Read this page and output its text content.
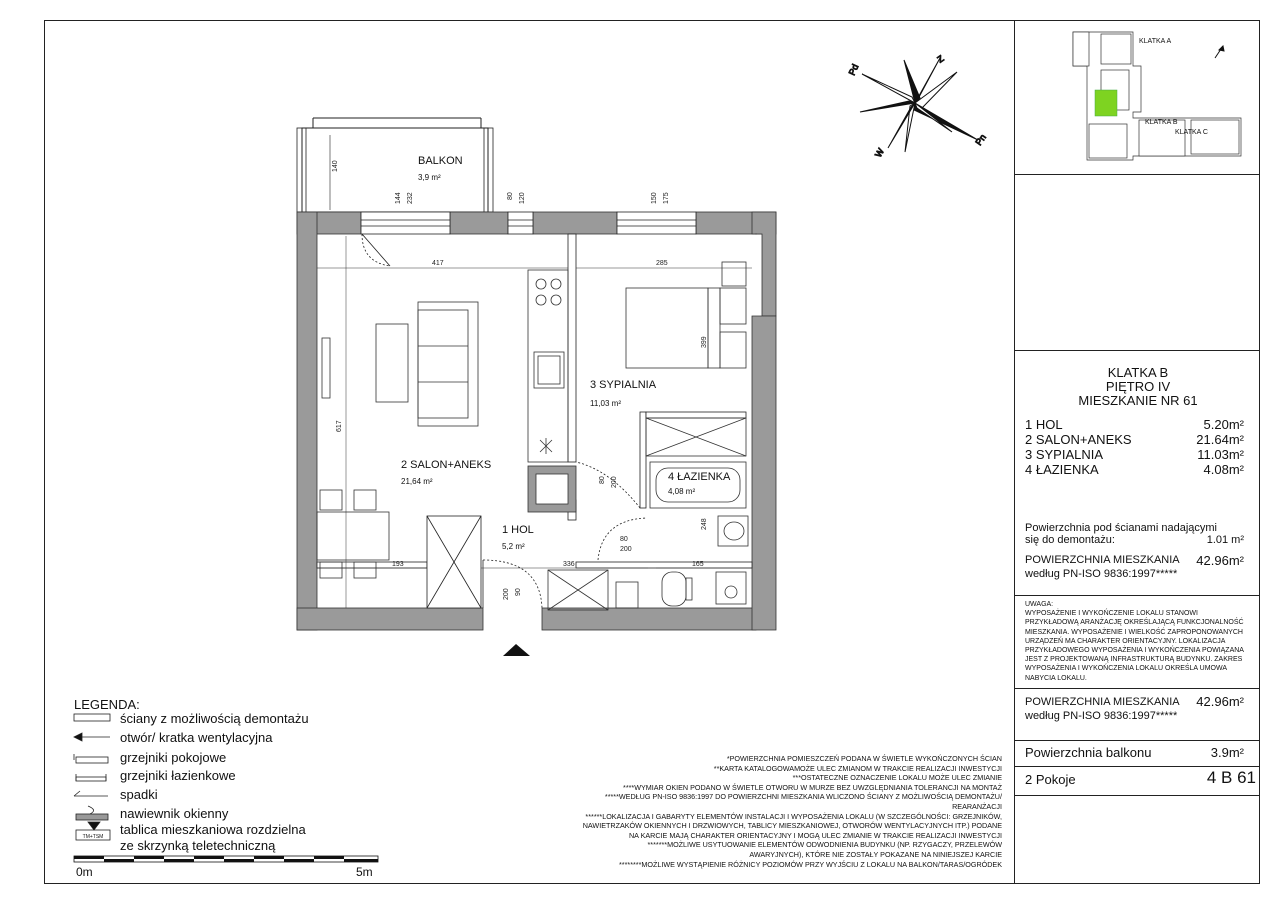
Pd
Z
Pn
W
417	285
617
193	336	165
248
399
140
144 232	80 120	150 175
80 200
80
200
90
200
BALKON
3,9 m²
3 SYPIALNIA
11,03 m²
2 SALON+ANEKS
21,64 m²	4 ŁAZIENKA
4,08 m²
1 HOL
5,2 m²
TM+TSM
0m	5m
LEGENDA:
ściany z możliwością demontażu
otwór/ kratka wentylacyjna
grzejniki pokojowe
grzejniki łazienkowe
spadki
nawiewnik okienny
tablica mieszkaniowa rozdzielna
ze skrzynką teletechniczną
*POWIERZCHNIA POMIESZCZEŃ PODANA W ŚWIETLE WYKOŃCZONYCH ŚCIAN
**KARTA KATALOGOWAMOŻE ULEC ZMIANOM W TRAKCIE REALIZACJI INWESTYCJI
***OSTATECZNE OZNACZENIE LOKALU MOŻE ULEC ZMIANIE
****WYMIAR OKIEN PODANO W ŚWIETLE OTWORU W MURZE BEZ UWZGLĘDNIANIA TOLERANCJI NA MONTAŻ
*****WEDŁUG PN-ISO 9836:1997 DO POWIERZCHNI MIESZKANIA WLICZONO ŚCIANY Z MOŻLIWOŚCIĄ DEMONTAŻU/
REARANŻACJI
******LOKALIZACJA I GABARYTY ELEMENTÓW INSTALACJI I WYPOSAŻENIA LOKALU (W SZCZEGÓLNOŚCI: GRZEJNIKÓW,
NAWIETRZAKÓW OKIENNYCH I DRZWIOWYCH, TABLICY MIESZKANIOWEJ, OTWORÓW WENTYLACYJNYCH ITP.) PODANE
NA KARCIE MAJĄ CHARAKTER ORIENTACYJNY I MOGĄ ULEC ZMIANIE W TRAKCIE REALIZACJI INWESTYCJI
*******MOŻLIWE USYTUOWANIE ELEMENTÓW ODWODNIENIA BUDYNKU (NP. RZYGACZY, PRZELEWÓW
AWARYJNYCH), KTÓRE NIE ZOSTAŁY POKAZANE NA NINIEJSZEJ KARCIE
********MOŻLIWE WYSTĄPIENIE RÓŻNICY POZIOMÓW PRZY WYJŚCIU Z LOKALU NA BALKON/TARAS/OGRÓDEK
KLATKA A
KLATKA B
KLATKA C
KLATKA B
PIĘTRO IV
MIESZKANIE NR 61
1 HOL	5.20m²
2 SALON+ANEKS	21.64m²
3 SYPIALNIA	11.03m²
4 ŁAZIENKA	4.08m²
Powierzchnia pod ścianami nadającymi
się do demontażu:	1.01 m²
POWIERZCHNIA MIESZKANIA
według PN-ISO 9836:1997*****
42.96m²
UWAGA:
WYPOSAŻENIE I WYKOŃCZENIE LOKALU STANOWI
PRZYKŁADOWĄ ARANŻACJĘ OKREŚLAJĄCĄ FUNKCJONALNOŚĆ
MIESZKANIA. WYPOSAŻENIE I WIELKOŚĆ ZAPROPONOWANYCH
URZĄDZEŃ MA CHARAKTER ORIENTACYJNY. LOKALIZACJA
PRZYKŁADOWEGO WYPOSAŻENIA I WYKOŃCZENIA POWIĄZANA
JEST Z PROJEKTOWANĄ INFRASTRUKTURĄ BUDYNKU. ZAKRES
WYPOSAŻENIA I WYKOŃCZENIA LOKALU OKREŚLA UMOWA
NABYCIA LOKALU.
POWIERZCHNIA MIESZKANIA
według PN-ISO 9836:1997*****
42.96m²
Powierzchnia balkonu	3.9m²
2 Pokoje	4 B 61
